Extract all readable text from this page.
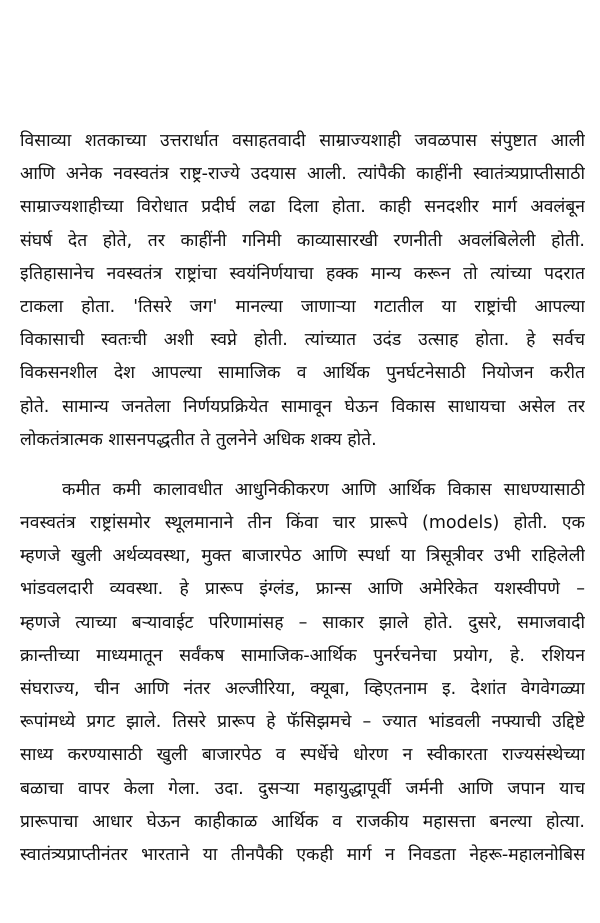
विसाव्या शतकाच्या उत्तरार्धात वसाहतवादी साम्राज्यशाही जवळपास संपुष्टात आली
आणि अनेक नवस्वतंत्र राष्ट्र-राज्ये उदयास आली. त्यांपैकी काहींनी स्वातंत्र्यप्राप्तीसाठी
साम्राज्यशाहीच्या विरोधात प्रदीर्घ लढा दिला होता. काही सनदशीर मार्ग अवलंबून
संघर्ष देत होते, तर काहींनी गनिमी काव्यासारखी रणनीती अवलंबिलेली होती.
इतिहासानेच नवस्वतंत्र राष्ट्रांचा स्वयंनिर्णयाचा हक्क मान्य करून तो त्यांच्या पदरात
टाकला होता. 'तिसरे जग' मानल्या जाणाऱ्या गटातील या राष्ट्रांची आपल्या
विकासाची स्वतःची अशी स्वप्ने होती. त्यांच्यात उदंड उत्साह होता. हे सर्वच
विकसनशील देश आपल्या सामाजिक व आर्थिक पुनर्घटनेसाठी नियोजन करीत
होते. सामान्य जनतेला निर्णयप्रक्रियेत सामावून घेऊन विकास साधायचा असेल तर
लोकतंत्रात्मक शासनपद्धतीत ते तुलनेने अधिक शक्य होते.
कमीत कमी कालावधीत आधुनिकीकरण आणि आर्थिक विकास साधण्यासाठी
नवस्वतंत्र राष्ट्रांसमोर स्थूलमानाने तीन किंवा चार प्रारूपे (models) होती. एक
म्हणजे खुली अर्थव्यवस्था, मुक्त बाजारपेठ आणि स्पर्धा या त्रिसूत्रीवर उभी राहिलेली
भांडवलदारी व्यवस्था. हे प्रारूप इंग्लंड, फ्रान्स आणि अमेरिकेत यशस्वीपणे –
म्हणजे त्याच्या बऱ्यावाईट परिणामांसह – साकार झाले होते. दुसरे, समाजवादी
क्रान्तीच्या माध्यमातून सर्वंकष सामाजिक-आर्थिक पुनर्रचनेचा प्रयोग, हे. रशियन
संघराज्य, चीन आणि नंतर अल्जीरिया, क्यूबा, व्हिएतनाम इ. देशांत वेगवेगळ्या
रूपांमध्ये प्रगट झाले. तिसरे प्रारूप हे फॅसिझमचे – ज्यात भांडवली नफ्याची उद्दिष्टे
साध्य करण्यासाठी खुली बाजारपेठ व स्पर्धेचे धोरण न स्वीकारता राज्यसंस्थेच्या
बळाचा वापर केला गेला. उदा. दुसऱ्या महायुद्धापूर्वी जर्मनी आणि जपान याच
प्रारूपाचा आधार घेऊन काहीकाळ आर्थिक व राजकीय महासत्ता बनल्या होत्या.
स्वातंत्र्यप्राप्तीनंतर भारताने या तीनपैकी एकही मार्ग न निवडता नेहरू-महालनोबिस
